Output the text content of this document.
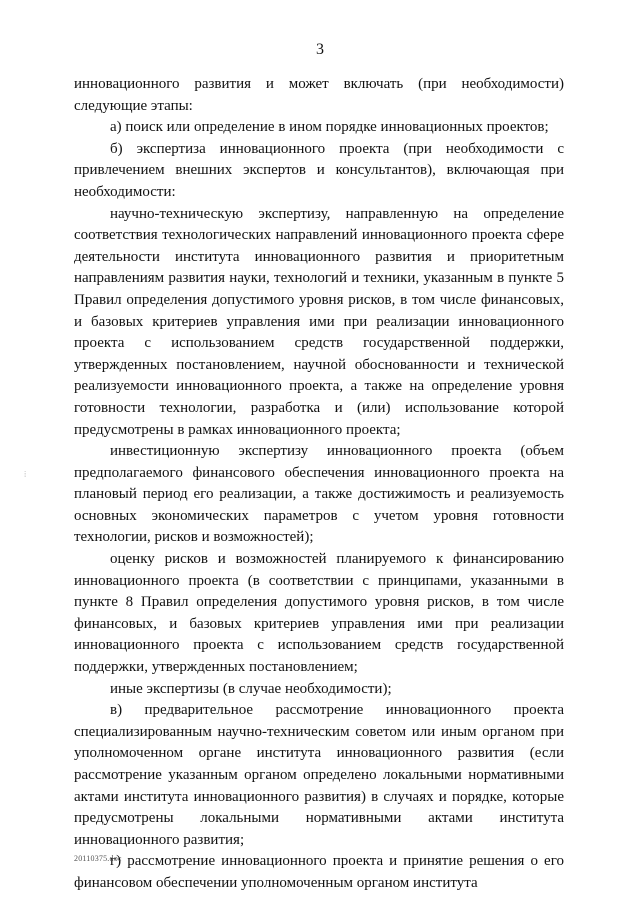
3
⁞

инновационного развития и может включать (при необходимости) следующие этапы:

а) поиск или определение в ином порядке инновационных проектов;

б) экспертиза инновационного проекта (при необходимости с привлечением внешних экспертов и консультантов), включающая при необходимости:

научно-техническую экспертизу, направленную на определение соответствия технологических направлений инновационного проекта сфере деятельности института инновационного развития и приоритетным направлениям развития науки, технологий и техники, указанным в пункте 5 Правил определения допустимого уровня рисков, в том числе финансовых, и базовых критериев управления ими при реализации инновационного проекта с использованием средств государственной поддержки, утвержденных постановлением, научной обоснованности и технической реализуемости инновационного проекта, а также на определение уровня готовности технологии, разработка и (или) использование которой предусмотрены в рамках инновационного проекта;

инвестиционную экспертизу инновационного проекта (объем предполагаемого финансового обеспечения инновационного проекта на плановый период его реализации, а также достижимость и реализуемость основных экономических параметров с учетом уровня готовности технологии, рисков и возможностей);

оценку рисков и возможностей планируемого к финансированию инновационного проекта (в соответствии с принципами, указанными в пункте 8 Правил определения допустимого уровня рисков, в том числе финансовых, и базовых критериев управления ими при реализации инновационного проекта с использованием средств государственной поддержки, утвержденных постановлением;

иные экспертизы (в случае необходимости);

в) предварительное рассмотрение инновационного проекта специализированным научно-техническим советом или иным органом при уполномоченном органе института инновационного развития (если рассмотрение указанным органом определено локальными нормативными актами института инновационного развития) в случаях и порядке, которые предусмотрены локальными нормативными актами института инновационного развития;

г) рассмотрение инновационного проекта и принятие решения о его финансовом обеспечении уполномоченным органом института

20110375.doc
